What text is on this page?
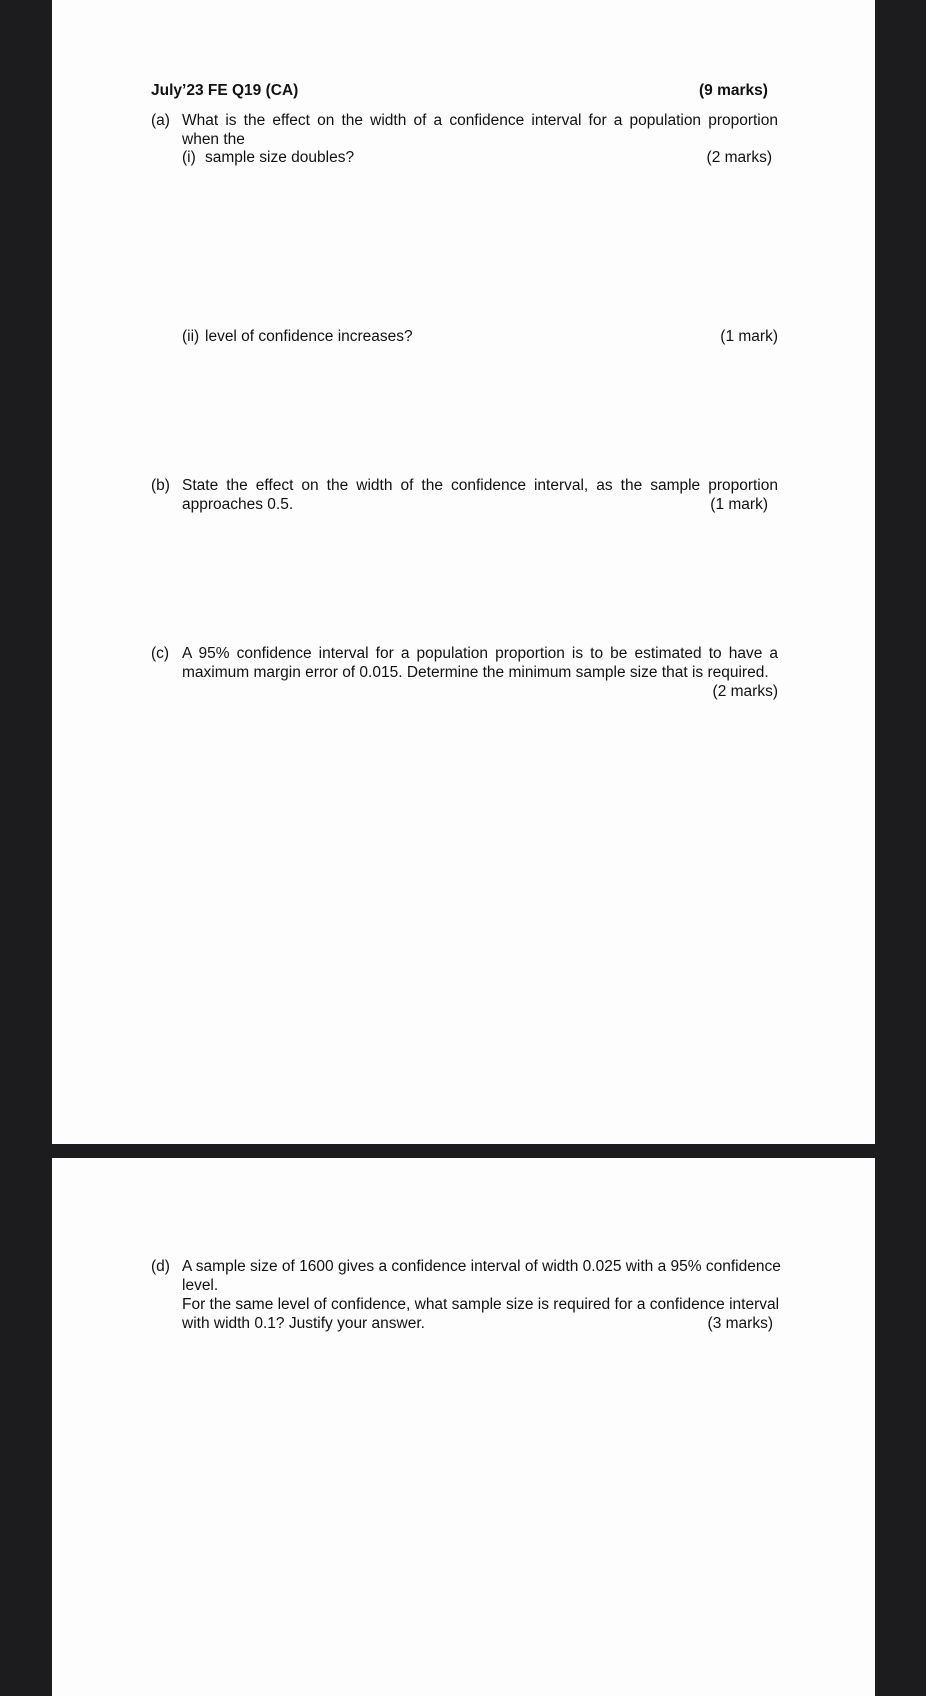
July’23 FE Q19 (CA)	(9 marks)
(a) What is the effect on the width of a confidence interval for a population proportion when the
(i) sample size doubles?	(2 marks)
(ii) level of confidence increases?	(1 mark)
(b) State the effect on the width of the confidence interval, as the sample proportion
approaches 0.5.	(1 mark)
(c) A 95% confidence interval for a population proportion is to be estimated to have a
maximum margin error of 0.015. Determine the minimum sample size that is required.
(2 marks)
(d) A sample size of 1600 gives a confidence interval of width 0.025 with a 95% confidence
level.
For the same level of confidence, what sample size is required for a confidence interval
with width 0.1? Justify your answer.	(3 marks)
